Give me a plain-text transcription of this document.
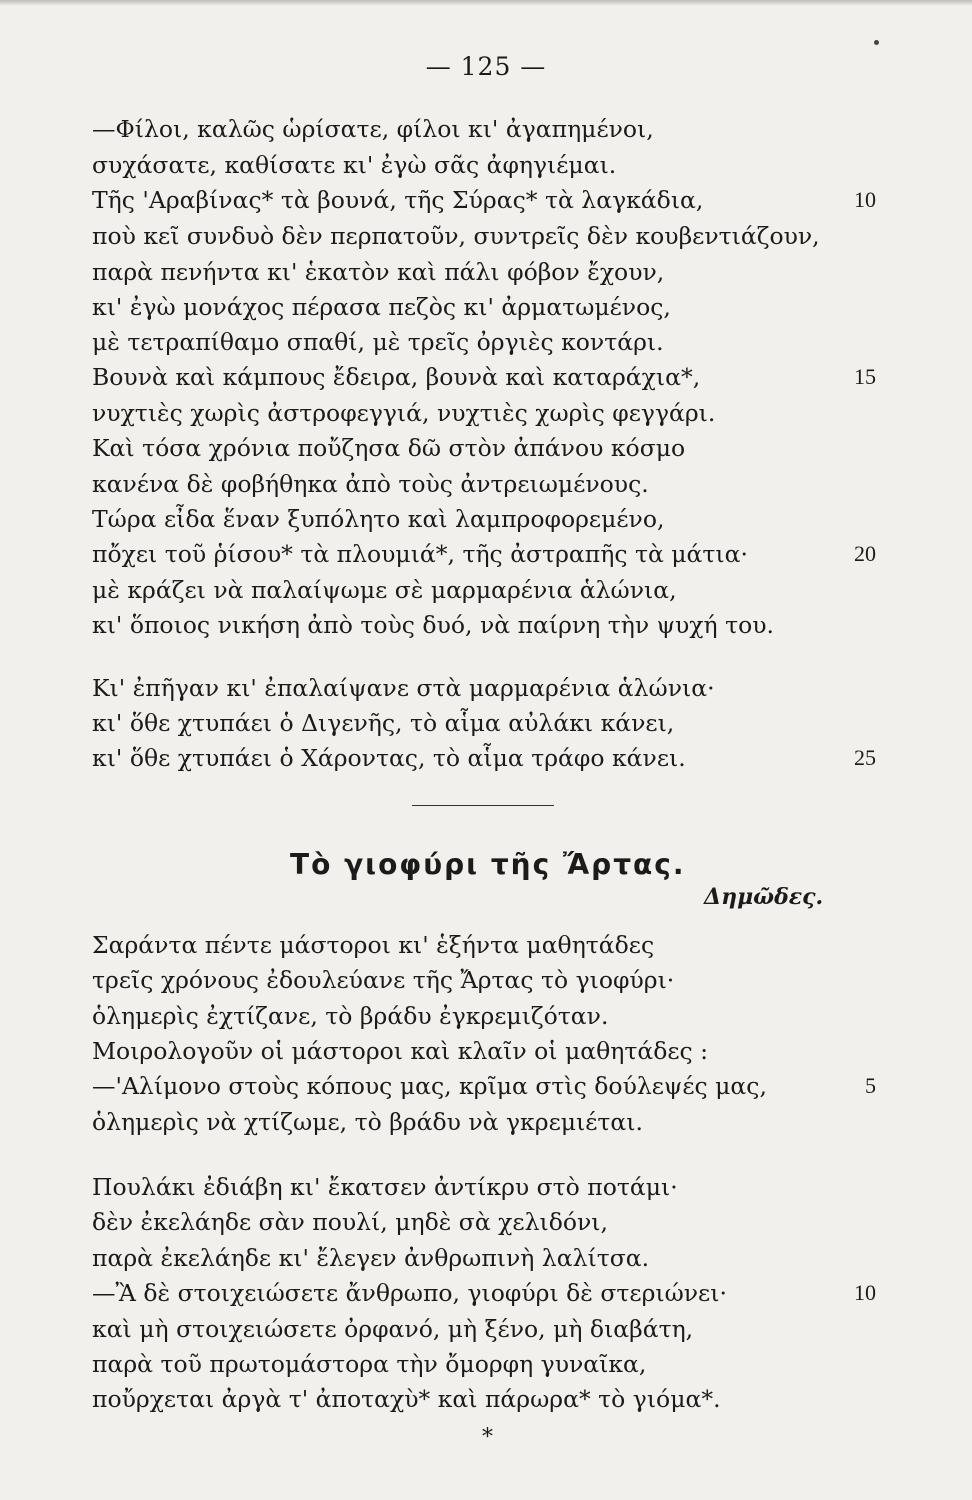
— 125 —
—Φίλοι, καλῶς ὡρίσατε, φίλοι κι' ἀγαπημένοι,
συχάσατε, καθίσατε κι' ἐγὼ σᾶς ἀφηγιέμαι.
Τῆς 'Αραβίνας* τὰ βουνά, τῆς Σύρας* τὰ λαγκάδια,	10
ποὺ κεῖ συνδυὸ δὲν περπατοῦν, συντρεῖς δὲν κουβεντιάζουν,
παρὰ πενήντα κι' ἑκατὸν καὶ πάλι φόβον ἔχουν,
κι' ἐγὼ μονάχος πέρασα πεζὸς κι' ἀρματωμένος,
μὲ τετραπίθαμο σπαθί, μὲ τρεῖς ὀργιὲς κοντάρι.
Βουνὰ καὶ κάμπους ἔδειρα, βουνὰ καὶ καταράχια*,	15
νυχτιὲς χωρὶς ἀστροφεγγιά, νυχτιὲς χωρὶς φεγγάρι.
Καὶ τόσα χρόνια ποὔζησα δῶ στὸν ἀπάνου κόσμο
κανένα δὲ φοβήθηκα ἀπὸ τοὺς ἀντρειωμένους.
Τώρα εἶδα ἕναν ξυπόλητο καὶ λαμπροφορεμένο,
πὄχει τοῦ ῥίσου* τὰ πλουμιά*, τῆς ἀστραπῆς τὰ μάτια·	20
μὲ κράζει νὰ παλαίψωμε σὲ μαρμαρένια ἁλώνια,
κι' ὅποιος νικήση ἀπὸ τοὺς δυό, νὰ παίρνη τὴν ψυχή του.
Κι' ἐπῆγαν κι' ἐπαλαίψανε στὰ μαρμαρένια ἁλώνια·
κι' ὅθε χτυπάει ὁ Διγενῆς, τὸ αἷμα αὐλάκι κάνει,
κι' ὅθε χτυπάει ὁ Χάροντας, τὸ αἷμα τράφο κάνει.	25
Τὸ γιοφύρι τῆς Ἄρτας.
Δημῶδες.
Σαράντα πέντε μάστοροι κι' ἑξήντα μαθητάδες
τρεῖς χρόνους ἐδουλεύανε τῆς Ἄρτας τὸ γιοφύρι·
ὁλημερὶς ἐχτίζανε, τὸ βράδυ ἐγκρεμιζόταν.
Μοιρολογοῦν οἱ μάστοροι καὶ κλαῖν οἱ μαθητάδες :
—'Αλίμονο στοὺς κόπους μας, κρῖμα στὶς δούλεψές μας,	5
ὁλημερὶς νὰ χτίζωμε, τὸ βράδυ νὰ γκρεμιέται.
Πουλάκι ἐδιάβη κι' ἔκατσεν ἀντίκρυ στὸ ποτάμι·
δὲν ἐκελάηδε σὰν πουλί, μηδὲ σὰ χελιδόνι,
παρὰ ἐκελάηδε κι' ἔλεγεν ἀνθρωπινὴ λαλίτσα.
—Ἂ δὲ στοιχειώσετε ἄνθρωπο, γιοφύρι δὲ στεριώνει·	10
καὶ μὴ στοιχειώσετε ὀρφανό, μὴ ξένο, μὴ διαβάτη,
παρὰ τοῦ πρωτομάστορα τὴν ὄμορφη γυναῖκα,
ποὔρχεται ἀργὰ τ' ἀποταχὺ* καὶ πάρωρα* τὸ γιόμα*.
*
